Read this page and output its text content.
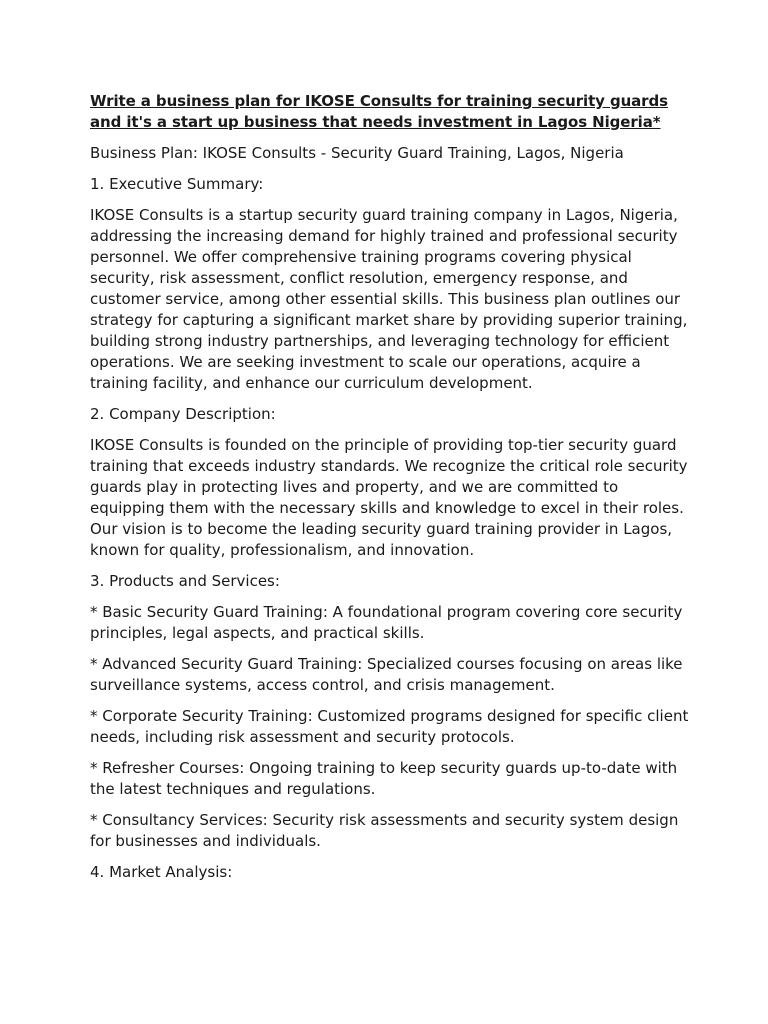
Write a business plan for IKOSE Consults for training security guards and it's a start up business that needs investment in Lagos Nigeria*

Business Plan: IKOSE Consults - Security Guard Training, Lagos, Nigeria

1. Executive Summary:

IKOSE Consults is a startup security guard training company in Lagos, Nigeria, addressing the increasing demand for highly trained and professional security personnel. We offer comprehensive training programs covering physical security, risk assessment, conflict resolution, emergency response, and customer service, among other essential skills. This business plan outlines our strategy for capturing a significant market share by providing superior training, building strong industry partnerships, and leveraging technology for efficient operations. We are seeking investment to scale our operations, acquire a training facility, and enhance our curriculum development.

2. Company Description:

IKOSE Consults is founded on the principle of providing top-tier security guard training that exceeds industry standards. We recognize the critical role security guards play in protecting lives and property, and we are committed to equipping them with the necessary skills and knowledge to excel in their roles. Our vision is to become the leading security guard training provider in Lagos, known for quality, professionalism, and innovation.

3. Products and Services:

* Basic Security Guard Training: A foundational program covering core security principles, legal aspects, and practical skills.

* Advanced Security Guard Training: Specialized courses focusing on areas like surveillance systems, access control, and crisis management.

* Corporate Security Training: Customized programs designed for specific client needs, including risk assessment and security protocols.

* Refresher Courses: Ongoing training to keep security guards up-to-date with the latest techniques and regulations.

* Consultancy Services: Security risk assessments and security system design for businesses and individuals.

4. Market Analysis:
